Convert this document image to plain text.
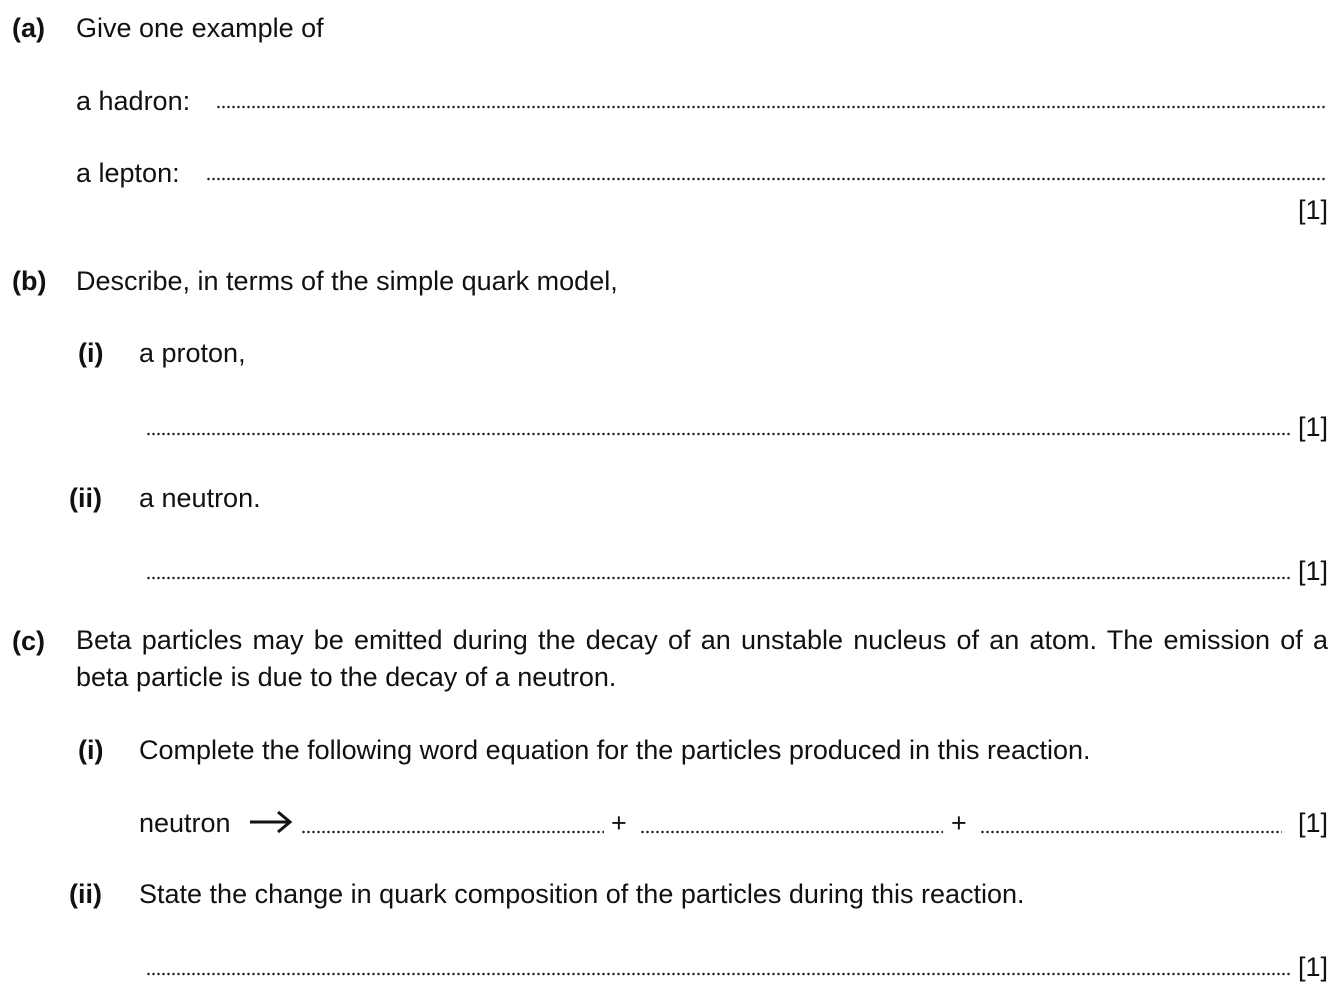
(a) Give one example of
a hadron:
a lepton:
[1]
(b) Describe, in terms of the simple quark model,
(i) a proton,
[1]
(ii) a neutron.
[1]
(c) Beta particles may be emitted during the decay of an unstable nucleus of an atom. The emission of a beta particle is due to the decay of a neutron.
(i) Complete the following word equation for the particles produced in this reaction.
neutron	+	+	[1]
(ii) State the change in quark composition of the particles during this reaction.
[1]
